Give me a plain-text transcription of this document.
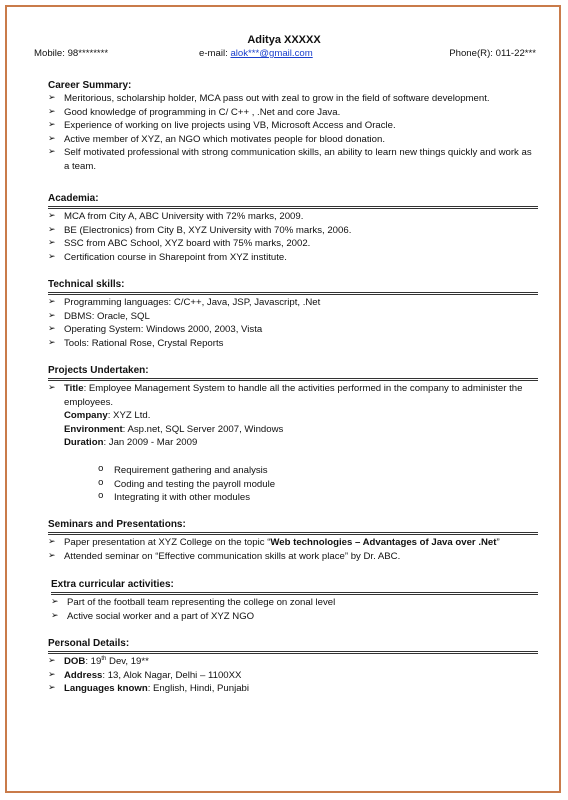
Aditya XXXXX
Mobile: 98********	e-mail: alok***@gmail.com	Phone(R): 011-22***
Career Summary:
➢ Meritorious, scholarship holder, MCA pass out with zeal to grow in the field of software development.
➢ Good knowledge of programming in C/ C++ , .Net and core Java.
➢ Experience of working on live projects using VB, Microsoft Access and Oracle.
➢ Active member of XYZ, an NGO which motivates people for blood donation.
➢ Self motivated professional with strong communication skills, an ability to learn new things quickly and work as a team.
Academia:
➢ MCA from City A, ABC University with 72% marks, 2009.
➢ BE (Electronics) from City B, XYZ University with 70% marks, 2006.
➢ SSC from ABC School, XYZ board with 75% marks, 2002.
➢ Certification course in Sharepoint from XYZ institute.
Technical skills:
➢ Programming languages: C/C++, Java, JSP, Javascript, .Net
➢ DBMS: Oracle, SQL
➢ Operating System: Windows 2000, 2003, Vista
➢ Tools: Rational Rose, Crystal Reports
Projects Undertaken:
➢ Title: Employee Management System to handle all the activities performed in the company to administer the employees.
Company: XYZ Ltd.
Environment: Asp.net, SQL Server 2007, Windows
Duration: Jan 2009 - Mar 2009
o Requirement gathering and analysis
o Coding and testing the payroll module
o Integrating it with other modules
Seminars and Presentations:
➢ Paper presentation at XYZ College on the topic “Web technologies – Advantages of Java over .Net”
➢ Attended seminar on “Effective communication skills at work place” by Dr. ABC.
Extra curricular activities:
➢ Part of the football team representing the college on zonal level
➢ Active social worker and a part of XYZ NGO
Personal Details:
➢ DOB: 19th Dev, 19**
➢ Address: 13, Alok Nagar, Delhi – 1100XX
➢ Languages known: English, Hindi, Punjabi
